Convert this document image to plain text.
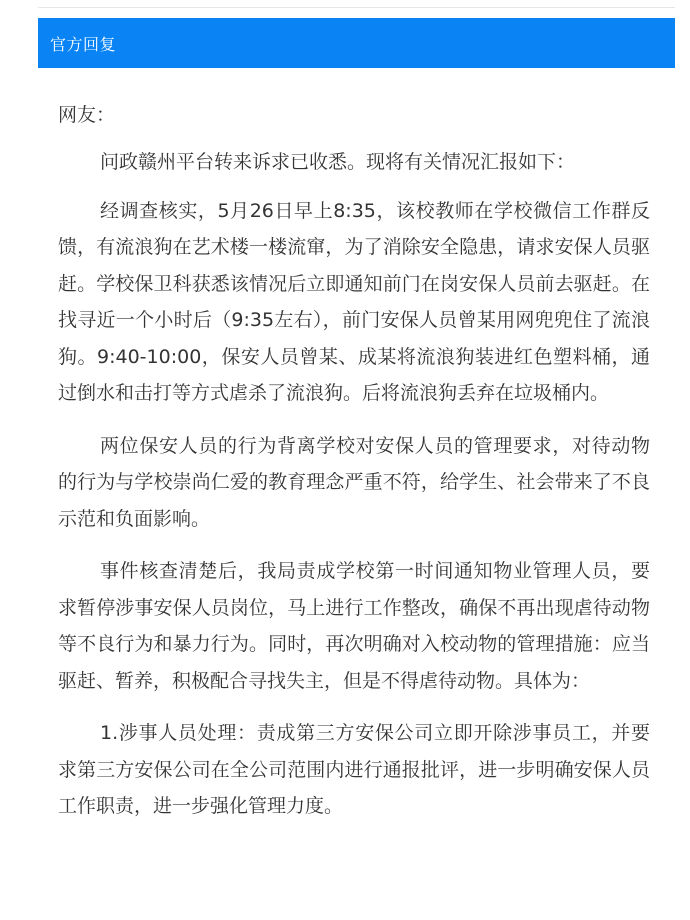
官方回复

网友：

问政赣州平台转来诉求已收悉。现将有关情况汇报如下：

经调查核实，5月26日早上8:35，该校教师在学校微信工作群反馈，有流浪狗在艺术楼一楼流窜，为了消除安全隐患，请求安保人员驱赶。学校保卫科获悉该情况后立即通知前门在岗安保人员前去驱赶。在找寻近一个小时后（9:35左右），前门安保人员曾某用网兜兜住了流浪狗。9:40-10:00，保安人员曾某、成某将流浪狗装进红色塑料桶，通过倒水和击打等方式虐杀了流浪狗。后将流浪狗丢弃在垃圾桶内。

两位保安人员的行为背离学校对安保人员的管理要求，对待动物的行为与学校崇尚仁爱的教育理念严重不符，给学生、社会带来了不良示范和负面影响。

事件核查清楚后，我局责成学校第一时间通知物业管理人员，要求暂停涉事安保人员岗位，马上进行工作整改，确保不再出现虐待动物等不良行为和暴力行为。同时，再次明确对入校动物的管理措施：应当驱赶、暂养，积极配合寻找失主，但是不得虐待动物。具体为：

1.涉事人员处理：责成第三方安保公司立即开除涉事员工，并要求第三方安保公司在全公司范围内进行通报批评，进一步明确安保人员工作职责，进一步强化管理力度。
